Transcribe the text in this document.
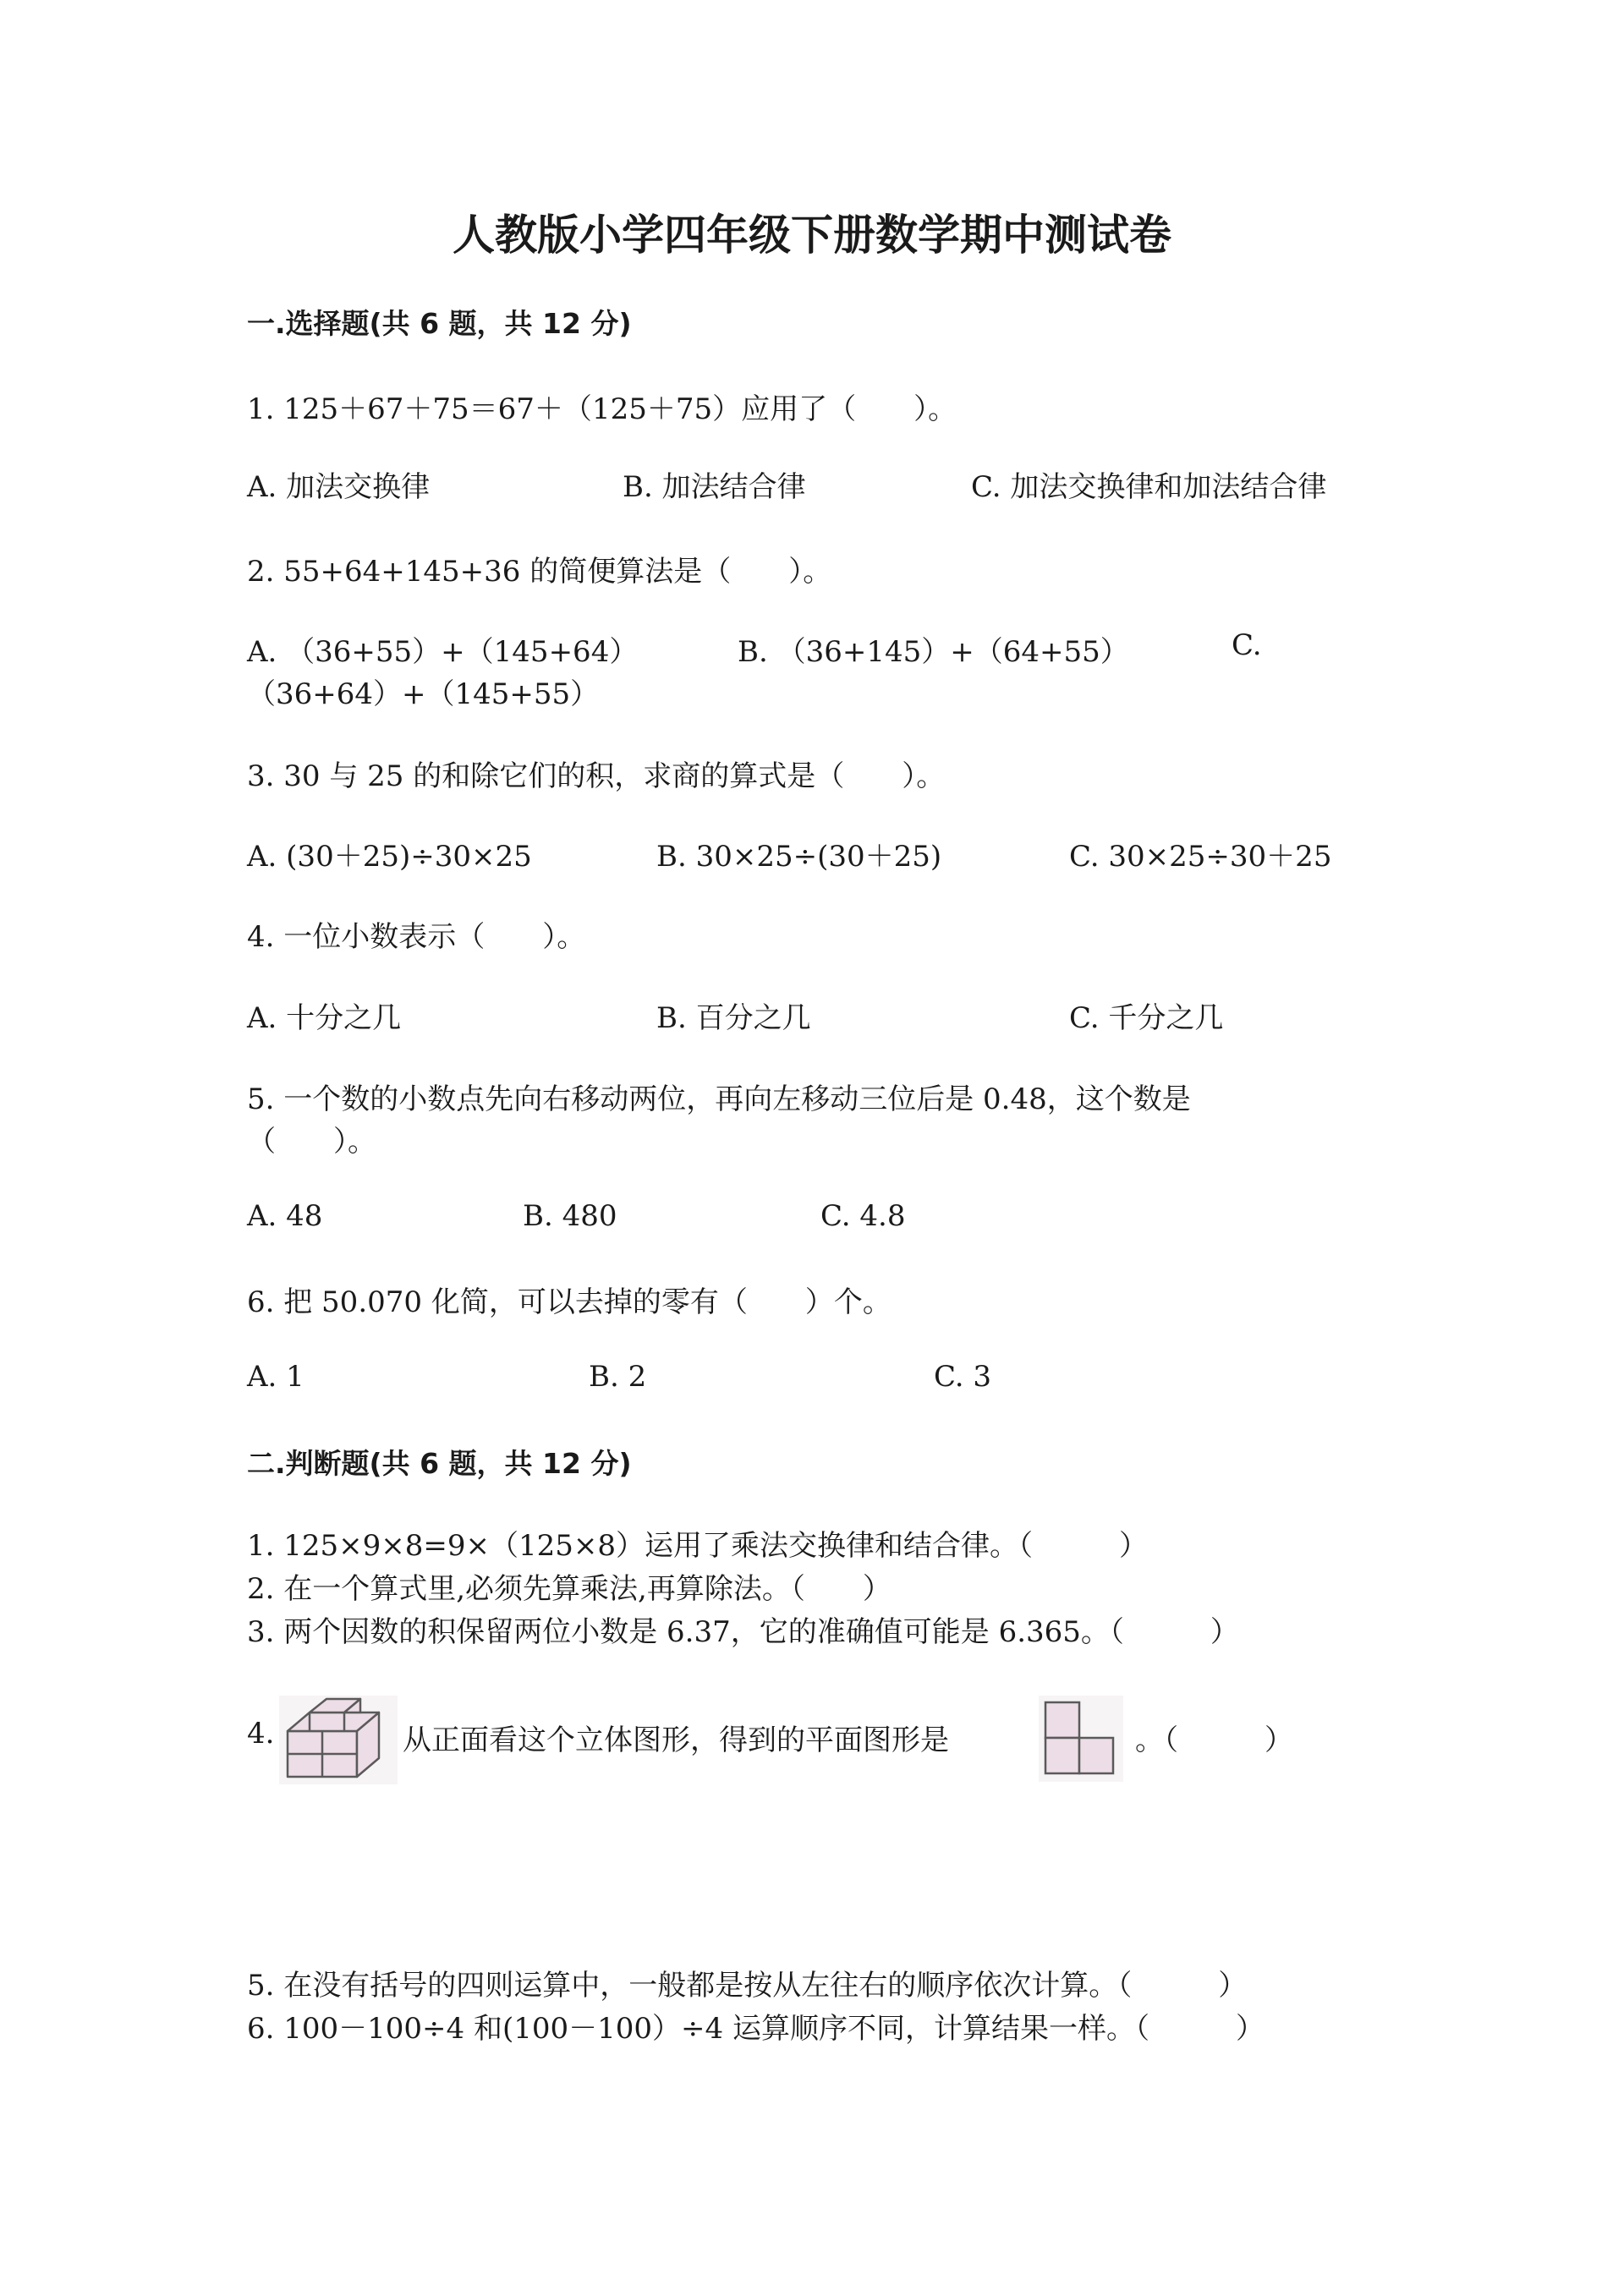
人教版小学四年级下册数学期中测试卷
一.选择题(共 6 题，共 12 分)
1. 125＋67＋75＝67＋（125＋75）应用了（　　）。
A. 加法交换律	B. 加法结合律	C. 加法交换律和加法结合律
2. 55+64+145+36 的简便算法是（　　）。
A. （36+55）+（145+64）	B. （36+145）+（64+55）	C.
（36+64）+（145+55）
3. 30 与 25 的和除它们的积，求商的算式是（　　）。
A. (30＋25)÷30×25	B. 30×25÷(30＋25)	C. 30×25÷30＋25
4. 一位小数表示（　　）。
A. 十分之几	B. 百分之几	C. 千分之几
5. 一个数的小数点先向右移动两位，再向左移动三位后是 0.48，这个数是
（　　）。
A. 48	B. 480	C. 4.8
6. 把 50.070 化简，可以去掉的零有（　　）个。
A. 1	B. 2	C. 3
二.判断题(共 6 题，共 12 分)
1. 125×9×8=9×（125×8）运用了乘法交换律和结合律。（　　　）
2. 在一个算式里,必须先算乘法,再算除法。（　　）
3. 两个因数的积保留两位小数是 6.37，它的准确值可能是 6.365。（　　　）
4.	从正面看这个立体图形，得到的平面图形是	。（　　　）
5. 在没有括号的四则运算中，一般都是按从左往右的顺序依次计算。（　　　）
6. 100－100÷4 和(100－100）÷4 运算顺序不同，计算结果一样。（　　　）
